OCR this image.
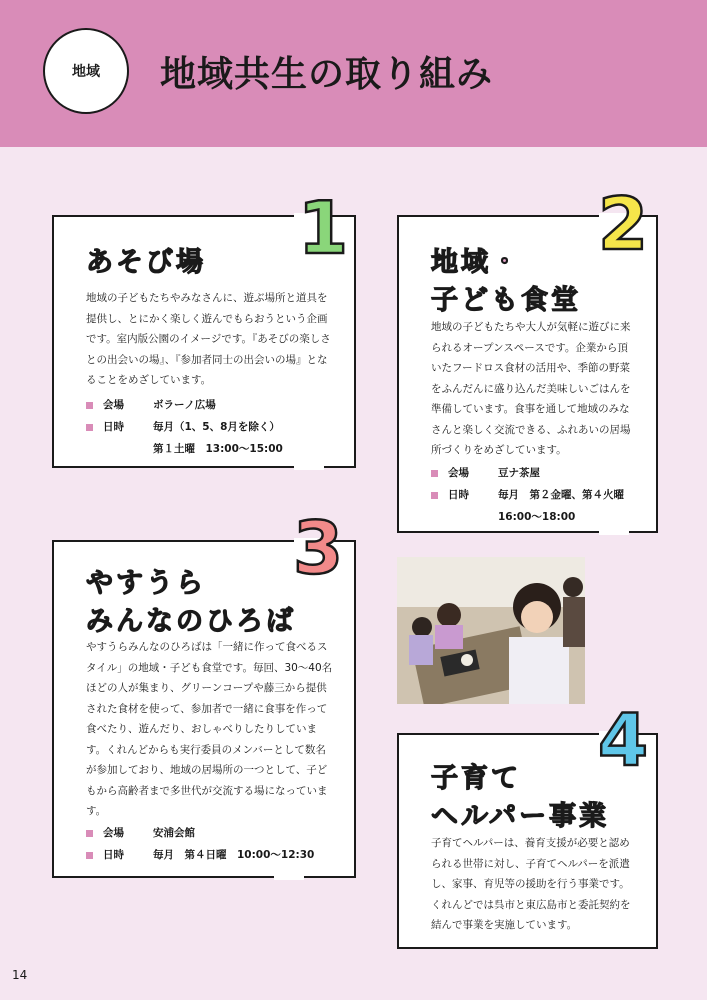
地域	地域共生の取り組み
1
あそび場
地域の子どもたちやみなさんに、遊ぶ場所と道具を提供し、とにかく楽しく遊んでもらおうという企画です。室内版公園のイメージです。『あそびの楽しさとの出会いの場』、『参加者同士の出会いの場』となることをめざしています。
会場	ボラーノ広場
日時	毎月（1、5、8月を除く）
第１土曜　13:00〜15:00
2
地域・
子ども食堂
地域の子どもたちや大人が気軽に遊びに来られるオープンスペースです。企業から頂いたフードロス食材の活用や、季節の野菜をふんだんに盛り込んだ美味しいごはんを準備しています。食事を通して地域のみなさんと楽しく交流できる、ふれあいの居場所づくりをめざしています。
会場	豆ナ茶屋
日時	毎月　第２金曜、第４火曜
16:00〜18:00
3
やすうら
みんなのひろば
やすうらみんなのひろばは「一緒に作って食べるスタイル」の地域・子ども食堂です。毎回、30〜40名ほどの人が集まり、グリーンコープや藤三から提供された食材を使って、参加者で一緒に食事を作って食べたり、遊んだり、おしゃべりしたりしています。くれんどからも実行委員のメンバーとして数名が参加しており、地域の居場所の一つとして、子どもから高齢者まで多世代が交流する場になっています。
会場	安浦会館
日時	毎月　第４日曜　10:00〜12:30
4
子育て
ヘルパー事業
子育てヘルパーは、養育支援が必要と認められる世帯に対し、子育てヘルパーを派遣し、家事、育児等の援助を行う事業です。くれんどでは呉市と東広島市と委託契約を結んで事業を実施しています。
14
